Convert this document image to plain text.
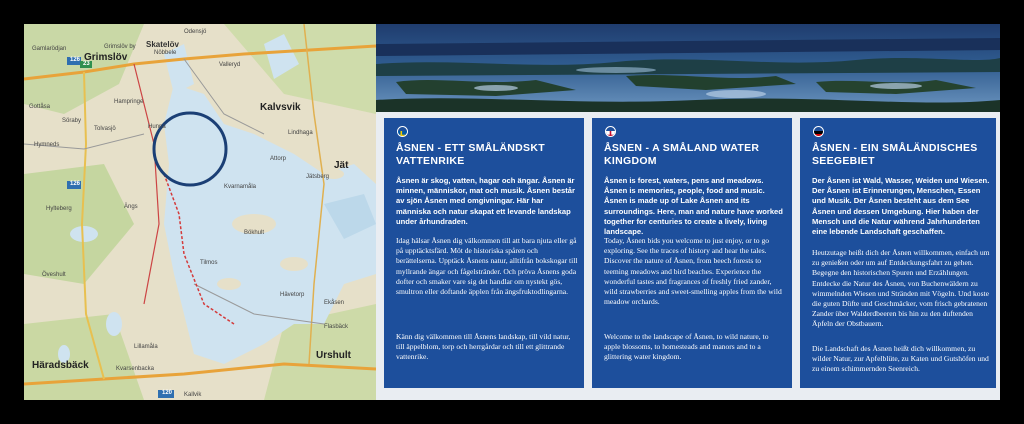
Grimslöv
Häradsbäck
Urshult
Kalvsvik
Jät
Skatelöv
Gamlarödjan	Grimslöv by
Nöbbele
Odensjö
Valleryd
Hampringe
Hunna
Gottåsa
Tolvasjö
Söraby
Hymneds
Hylteberg	Ängs
Öveshult
Kvarnamåla
Attorp
Lindhaga
Jätsberg
Bökhult
Hävetorp
Kvarsenbacka
Lillamåla
Ekåsen
Tilmos
Flasbäck
Kallvik
126
23
126
120
ÅSNEN - ETT SMÅLÄNDSKT VATTENRIKE

Åsnen är skog, vatten, hagar och ängar. Åsnen är minnen, människor, mat och musik. Åsnen består av sjön Åsnen med omgivningar. Här har människa och natur skapat ett levande landskap under århundraden.

Idag hälsar Åsnen dig välkommen till att bara njuta eller gå på upptäcktsfärd. Möt de historiska spåren och berättelserna. Upptäck Åsnens natur, alltifrån bokskogar till myllrande ängar och fågelstränder. Och pröva Åsnens goda dofter och smaker vare sig det handlar om nystekt gös, smultron eller doftande äpplen från ängsfruktodlingarna.

Känn dig välkommen till Åsnens landskap, till vild natur, till äppelblom, torp och herrgårdar och till ett glittrande vattenrike.

ÅSNEN - A SMÅLAND WATER KINGDOM

Åsnen is forest, waters, pens and meadows. Åsnen is memories, people, food and music. Åsnen is made up of Lake Åsnen and its surroundings. Here, man and nature have worked together for centuries to create a lively, living landscape.

Today, Åsnen bids you welcome to just enjoy, or to go exploring. See the traces of history and hear the tales. Discover the nature of Åsnen, from beech forests to teeming meadows and bird beaches. Experience the wonderful tastes and fragrances of freshly fried zander, wild strawberries and sweet-smelling apples from the wild meadow orchards.

Welcome to the landscape of Åsnen, to wild nature, to apple blossoms, to homesteads and manors and to a glittering water kingdom.

ÅSNEN - EIN SMÅLÄNDISCHES SEEGEBIET

Der Åsnen ist Wald, Wasser, Weiden und Wiesen. Der Åsnen ist Erinnerungen, Menschen, Essen und Musik. Der Åsnen besteht aus dem See Åsnen und dessen Umgebung. Hier haben der Mensch und die Natur während Jahrhunderten eine lebende Landschaft geschaffen.

Heutzutage heißt dich der Åsnen willkommen, einfach um zu genießen oder um auf Entdeckungsfahrt zu gehen. Begegne den historischen Spuren und Erzählungen. Entdecke die Natur des Åsnen, von Buchenwäldern zu wimmelnden Wiesen und Stränden mit Vögeln. Und koste die guten Düfte und Geschmäcker, vom frisch gebratenen Zander über Walderdbeeren bis hin zu den duftenden Äpfeln der Obstbauern.

Die Landschaft des Åsnen heißt dich willkommen, zu wilder Natur, zur Apfelblüte, zu Katen und Gutshöfen und zu einem schimmernden Seenreich.
